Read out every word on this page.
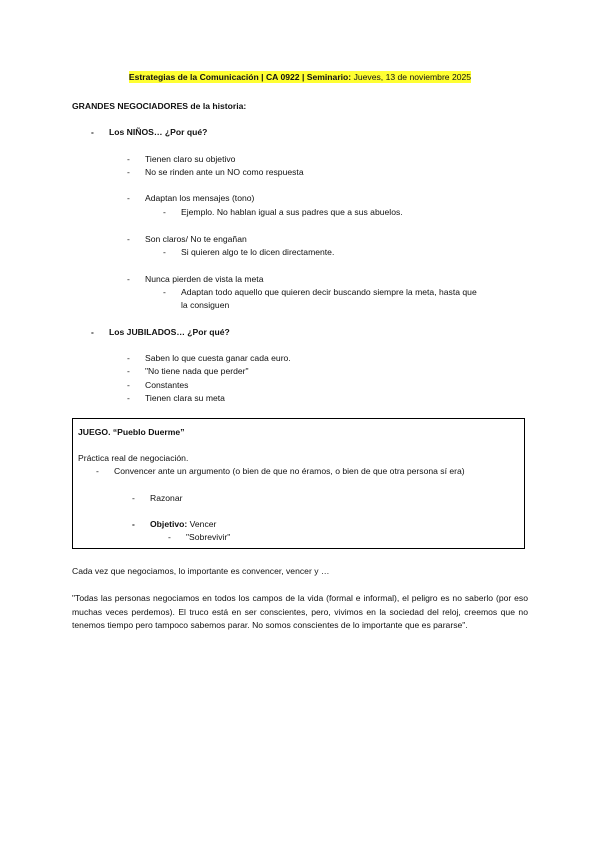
Estrategias de la Comunicación | CA 0922 | Seminario: Jueves, 13 de noviembre 2025
GRANDES NEGOCIADORES de la historia:
- Los NIÑOS… ¿Por qué?
- Tienen claro su objetivo
- No se rinden ante un NO como respuesta
- Adaptan los mensajes (tono)
- Ejemplo. No hablan igual a sus padres que a sus abuelos.
- Son claros/ No te engañan
- Si quieren algo te lo dicen directamente.
- Nunca pierden de vista la meta
- Adaptan todo aquello que quieren decir buscando siempre la meta, hasta que
la consiguen
- Los JUBILADOS… ¿Por qué?
- Saben lo que cuesta ganar cada euro.
- "No tiene nada que perder"
- Constantes
- Tienen clara su meta
JUEGO. “Pueblo Duerme”
Práctica real de negociación.
- Convencer ante un argumento (o bien de que no éramos, o bien de que otra persona sí era)
- Razonar
- Objetivo: Vencer
- "Sobrevivir"
Cada vez que negociamos, lo importante es convencer, vencer y …
"Todas las personas negociamos en todos los campos de la vida (formal e informal), el peligro es no saberlo (por eso muchas veces perdemos). El truco está en ser conscientes, pero, vivimos en la sociedad del reloj, creemos que no tenemos tiempo pero tampoco sabemos parar. No somos conscientes de lo importante que es pararse".
